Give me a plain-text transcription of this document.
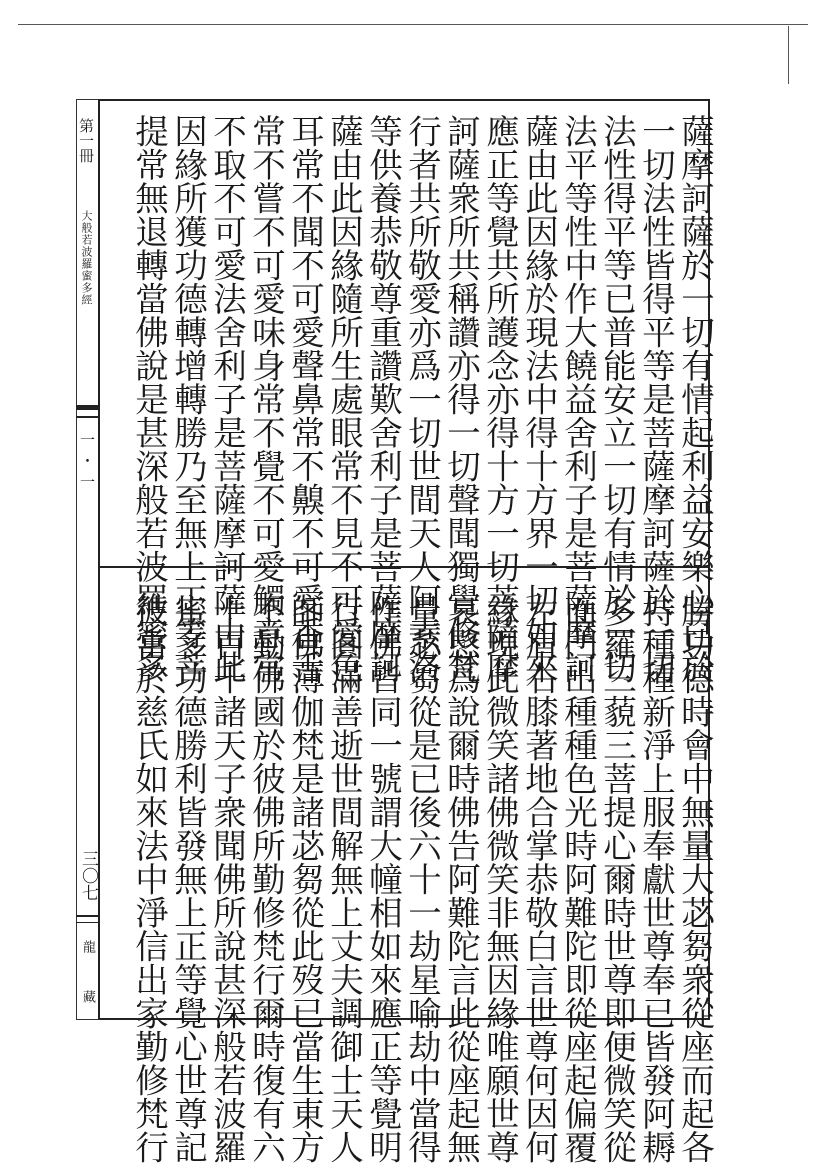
第一冊
大般若波羅蜜多經
一・一
三〇七
龍
藏
薩摩訶薩於一切有情起利益安樂心已於
一切法性皆得平等是菩薩摩訶薩於一切
法性得平等已普能安立一切有情於一切
法平等性中作大饒益舍利子是菩薩摩訶
薩由此因緣於現法中得十方界一切如來
應正等覺共所護念亦得十方一切菩薩摩
訶薩衆所共稱讚亦得一切聲聞獨覺修梵
行者共所敬愛亦爲一切世間天人阿素洛
等供養恭敬尊重讚歎舍利子是菩薩摩訶
薩由此因緣隨所生處眼常不見不可愛色
耳常不聞不可愛聲鼻常不齅不可愛香舌
常不嘗不可愛味身常不覺不可愛觸意常
不取不可愛法舍利子是菩薩摩訶薩由此
因緣所獲功德轉增轉勝乃至無上正等菩
提常無退轉當佛說是甚深般若波羅蜜多
勝功德時會中無量大苾芻衆從座而起各
持種種新淨上服奉獻世尊奉已皆發阿耨
多羅三藐三菩提心爾時世尊即便微笑從
面門出種種色光時阿難陀即從座起偏覆
左肩右膝著地合掌恭敬白言世尊何因何
緣現此微笑諸佛微笑非無因緣唯願世尊
哀愍爲說爾時佛告阿難陀言此從座起無
量苾芻從是已後六十一劫星喻劫中當得
作佛皆同一號謂大幢相如來應正等覺明
行圓滿善逝世間解無上丈夫調御士天人
師佛薄伽梵是諸苾芻從此歿已當生東方
不動佛國於彼佛所勤修梵行爾時復有六
十百千諸天子衆聞佛所說甚深般若波羅
蜜多功德勝利皆發無上正等覺心世尊記
彼當於慈氏如來法中淨信出家勤修梵行
